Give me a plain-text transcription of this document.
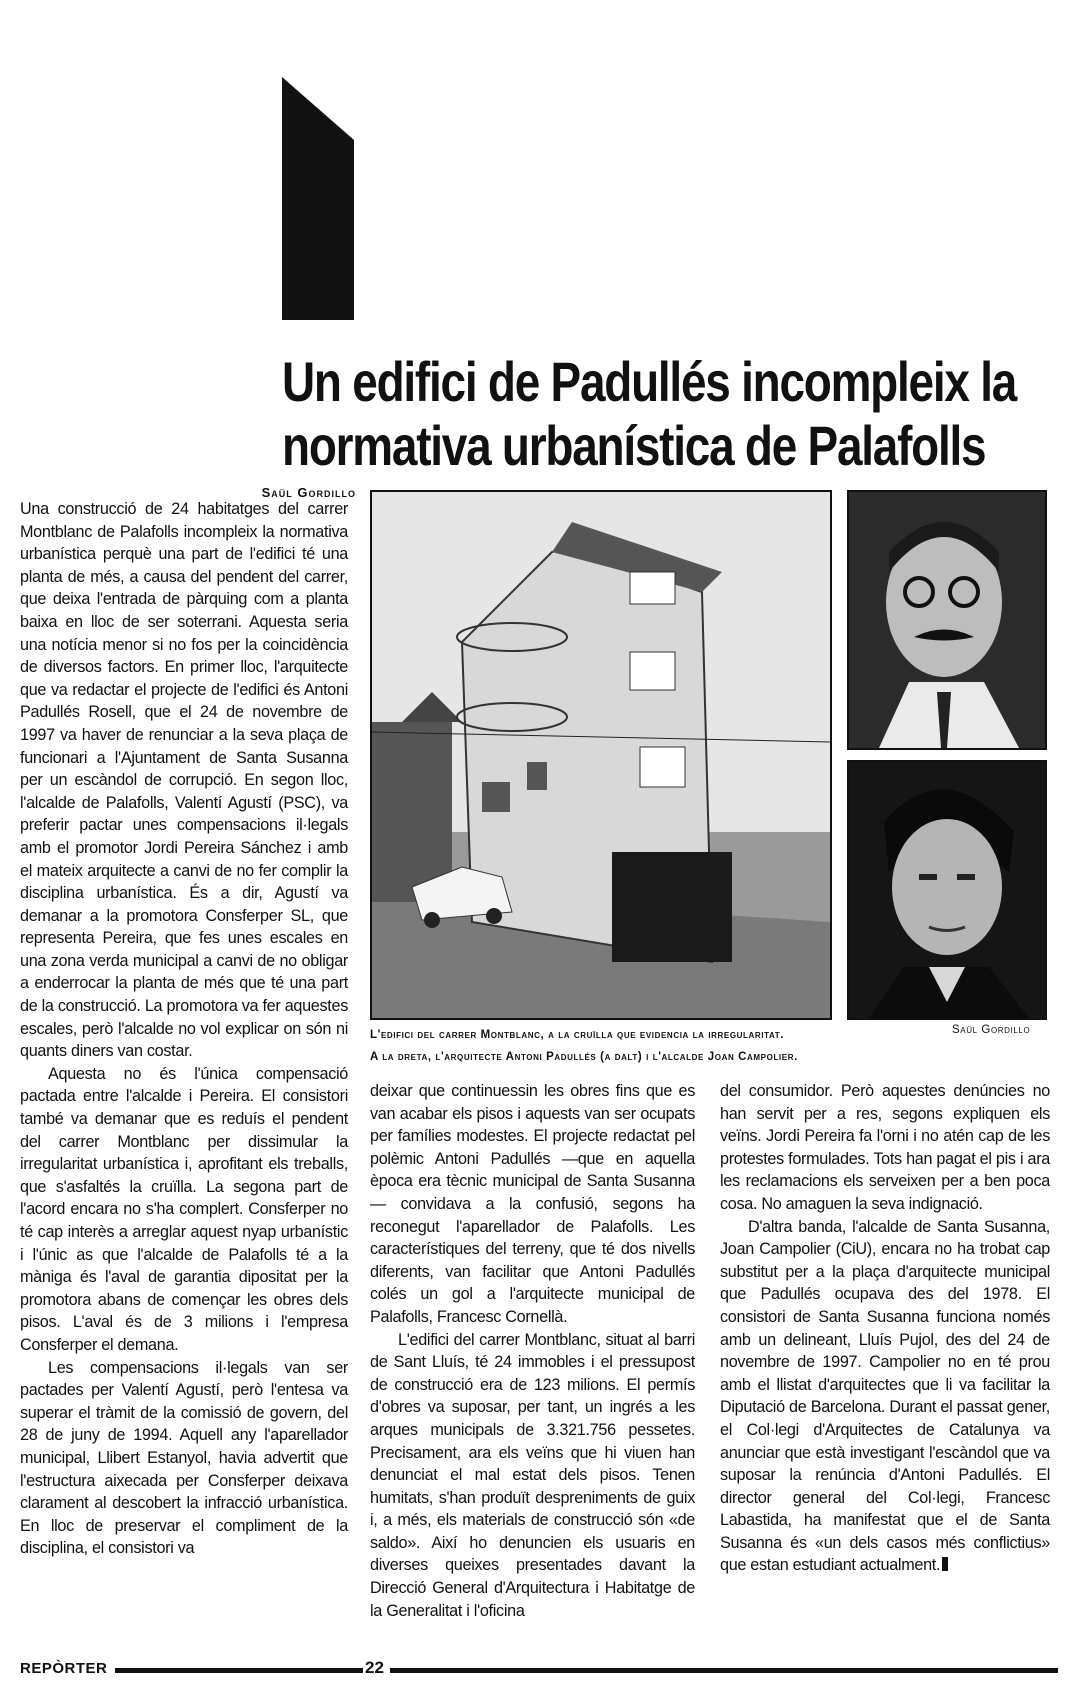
Un edifici de Padullés incompleix la
normativa urbanística de Palafolls
Saül Gordillo

Una construcció de 24 habitatges del carrer Montblanc de Palafolls incompleix la normativa urbanística perquè una part de l'edifici té una planta de més, a causa del pendent del carrer, que deixa l'entrada de pàrquing com a planta baixa en lloc de ser soterrani. Aquesta seria una notícia menor si no fos per la coincidència de diversos factors. En primer lloc, l'arquitecte que va redactar el projecte de l'edifici és Antoni Padullés Rosell, que el 24 de novembre de 1997 va haver de renunciar a la seva plaça de funcionari a l'Ajuntament de Santa Susanna per un escàndol de corrupció. En segon lloc, l'alcalde de Palafolls, Valentí Agustí (PSC), va preferir pactar unes compensacions il·legals amb el promotor Jordi Pereira Sánchez i amb el mateix arquitecte a canvi de no fer complir la disciplina urbanística. És a dir, Agustí va demanar a la promotora Consferper SL, que representa Pereira, que fes unes escales en una zona verda municipal a canvi de no obligar a enderrocar la planta de més que té una part de la construcció. La promotora va fer aquestes escales, però l'alcalde no vol explicar on són ni quants diners van costar.

Aquesta no és l'única compensació pactada entre l'alcalde i Pereira. El consistori també va demanar que es reduís el pendent del carrer Montblanc per dissimular la irregularitat urbanística i, aprofitant els treballs, que s'asfaltés la cruïlla. La segona part de l'acord encara no s'ha complert. Consferper no té cap interès a arreglar aquest nyap urbanístic i l'únic as que l'alcalde de Palafolls té a la màniga és l'aval de garantia dipositat per la promotora abans de començar les obres dels pisos. L'aval és de 3 milions i l'empresa Consferper el demana.

Les compensacions il·legals van ser pactades per Valentí Agustí, però l'entesa va superar el tràmit de la comissió de govern, del 28 de juny de 1994. Aquell any l'aparellador municipal, Llibert Estanyol, havia advertit que l'estructura aixecada per Consferper deixava clarament al descobert la infracció urbanística. En lloc de preservar el compliment de la disciplina, el consistori va

L'edifici del carrer Montblanc, a la cruïlla que evidencia la irregularitat.
A la dreta, l'arquitecte Antoni Padullés (a dalt) i l'alcalde Joan Campolier.
Saül Gordillo

deixar que continuessin les obres fins que es van acabar els pisos i aquests van ser ocupats per famílies modestes. El projecte redactat pel polèmic Antoni Padullés —que en aquella època era tècnic municipal de Santa Susanna— convidava a la confusió, segons ha reconegut l'aparellador de Palafolls. Les característiques del terreny, que té dos nivells diferents, van facilitar que Antoni Padullés colés un gol a l'arquitecte municipal de Palafolls, Francesc Cornellà.

L'edifici del carrer Montblanc, situat al barri de Sant Lluís, té 24 immobles i el pressupost de construcció era de 123 milions. El permís d'obres va suposar, per tant, un ingrés a les arques municipals de 3.321.756 pessetes. Precisament, ara els veïns que hi viuen han denunciat el mal estat dels pisos. Tenen humitats, s'han produït despreniments de guix i, a més, els materials de construcció són «de saldo». Així ho denuncien els usuaris en diverses queixes presentades davant la Direcció General d'Arquitectura i Habitatge de la Generalitat i l'oficina

del consumidor. Però aquestes denúncies no han servit per a res, segons expliquen els veïns. Jordi Pereira fa l'orni i no atén cap de les protestes formulades. Tots han pagat el pis i ara les reclamacions els serveixen per a ben poca cosa. No amaguen la seva indignació.

D'altra banda, l'alcalde de Santa Susanna, Joan Campolier (CiU), encara no ha trobat cap substitut per a la plaça d'arquitecte municipal que Padullés ocupava des del 1978. El consistori de Santa Susanna funciona només amb un delineant, Lluís Pujol, des del 24 de novembre de 1997. Campolier no en té prou amb el llistat d'arquitectes que li va facilitar la Diputació de Barcelona. Durant el passat gener, el Col·legi d'Arquitectes de Catalunya va anunciar que està investigant l'escàndol que va suposar la renúncia d'Antoni Padullés. El director general del Col·legi, Francesc Labastida, ha manifestat que el de Santa Susanna és «un dels casos més conflictius» que estan estudiant actualment.

REPÒRTER	22
